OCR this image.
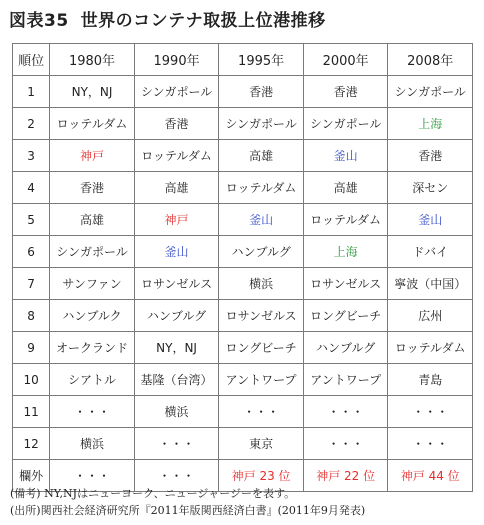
図表35 世界のコンテナ取扱上位港推移
順位	1980年	1990年	1995年	2000年	2008年
1	NY，NJ	シンガポール	香港	香港	シンガポール
2	ロッテルダム	香港	シンガポール	シンガポール	上海
3	神戸	ロッテルダム	高雄	釜山	香港
4	香港	高雄	ロッテルダム	高雄	深セン
5	高雄	神戸	釜山	ロッテルダム	釜山
6	シンガポール	釜山	ハンブルグ	上海	ドバイ
7	サンファン	ロサンゼルス	横浜	ロサンゼルス	寧波（中国）
8	ハンブルク	ハンブルグ	ロサンゼルス	ロングビーチ	広州
9	オークランド	NY，NJ	ロングビーチ	ハンブルグ	ロッテルダム
10	シアトル	基隆（台湾）	アントワープ	アントワープ	青島
11	・・・	横浜	・・・	・・・	・・・
12	横浜	・・・	東京	・・・	・・・
欄外	・・・	・・・	神戸 23 位	神戸 22 位	神戸 44 位
(備考) NY,NJはニューヨーク、ニュージャージーを表す。
(出所)関西社会経済研究所『2011年版関西経済白書』(2011年9月発表)
